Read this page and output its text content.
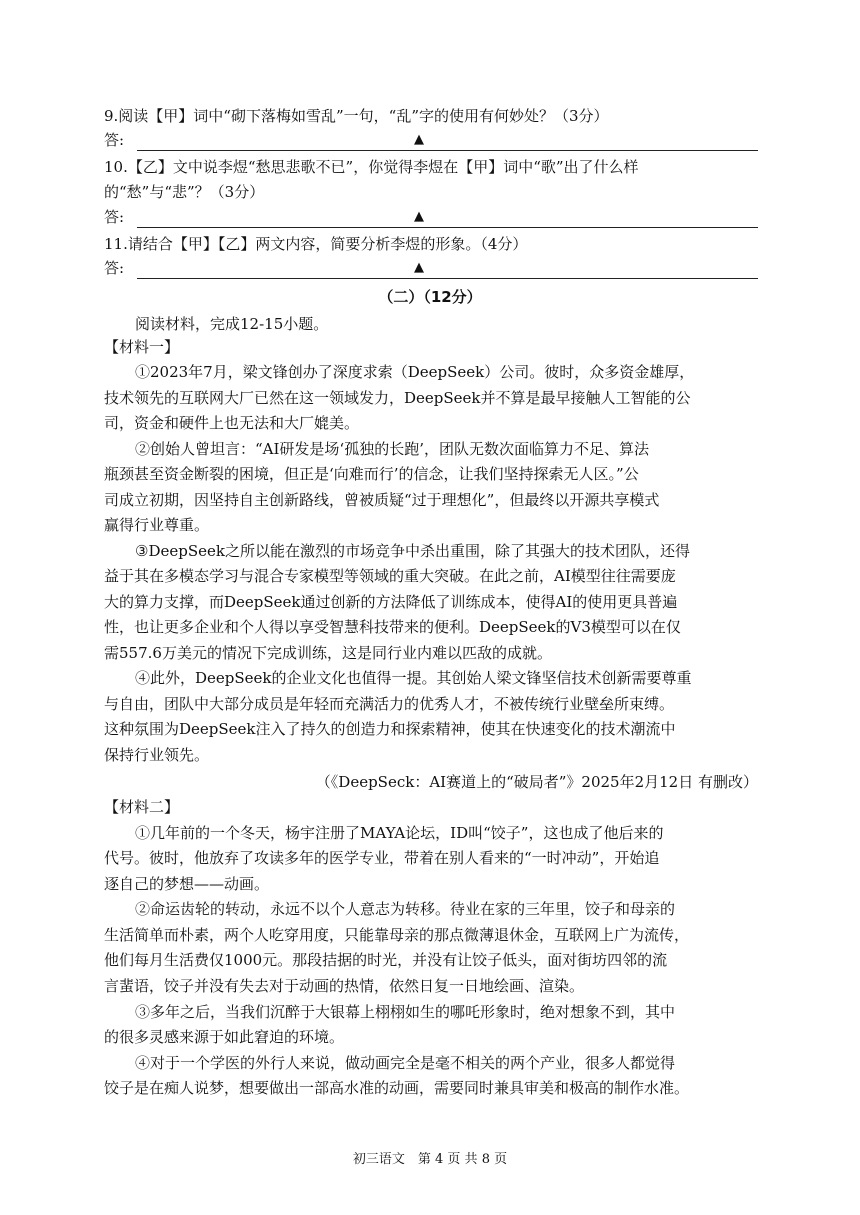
9.阅读【甲】词中“砌下落梅如雪乱”一句，“乱”字的使用有何妙处？（3分）
答:	▲
10.【乙】文中说李煜“愁思悲歌不已”，你觉得李煜在【甲】词中“歌”出了什么样
的“愁”与“悲”？（3分）
答:	▲
11.请结合【甲】【乙】两文内容，简要分析李煜的形象。（4分）
答:	▲
（二）（12分）
阅读材料，完成12-15小题。
【材料一】
①2023年7月，梁文锋创办了深度求索（DeepSeek）公司。彼时，众多资金雄厚，
技术领先的互联网大厂已然在这一领域发力，DeepSeek并不算是最早接触人工智能的公
司，资金和硬件上也无法和大厂媲美。
②创始人曾坦言：“AI研发是场‘孤独的长跑’，团队无数次面临算力不足、算法
瓶颈甚至资金断裂的困境，但正是‘向难而行’的信念，让我们坚持探索无人区。”公
司成立初期，因坚持自主创新路线，曾被质疑“过于理想化”，但最终以开源共享模式
赢得行业尊重。
③DeepSeek之所以能在激烈的市场竞争中杀出重围，除了其强大的技术团队，还得
益于其在多模态学习与混合专家模型等领域的重大突破。在此之前，AI模型往往需要庞
大的算力支撑，而DeepSeek通过创新的方法降低了训练成本，使得AI的使用更具普遍
性，也让更多企业和个人得以享受智慧科技带来的便利。DeepSeek的V3模型可以在仅
需557.6万美元的情况下完成训练，这是同行业内难以匹敌的成就。
④此外，DeepSeek的企业文化也值得一提。其创始人梁文锋坚信技术创新需要尊重
与自由，团队中大部分成员是年轻而充满活力的优秀人才，不被传统行业壁垒所束缚。
这种氛围为DeepSeek注入了持久的创造力和探索精神，使其在快速变化的技术潮流中
保持行业领先。
（《DeepSeck：AI赛道上的“破局者”》2025年2月12日 有删改）
【材料二】
①几年前的一个冬天，杨宇注册了MAYA论坛，ID叫“饺子”，这也成了他后来的
代号。彼时，他放弃了攻读多年的医学专业，带着在别人看来的“一时冲动”，开始追
逐自己的梦想——动画。
②命运齿轮的转动，永远不以个人意志为转移。待业在家的三年里，饺子和母亲的
生活简单而朴素，两个人吃穿用度，只能靠母亲的那点微薄退休金，互联网上广为流传，
他们每月生活费仅1000元。那段拮据的时光，并没有让饺子低头，面对街坊四邻的流
言蜚语，饺子并没有失去对于动画的热情，依然日复一日地绘画、渲染。
③多年之后，当我们沉醉于大银幕上栩栩如生的哪吒形象时，绝对想象不到，其中
的很多灵感来源于如此窘迫的环境。
④对于一个学医的外行人来说，做动画完全是毫不相关的两个产业，很多人都觉得
饺子是在痴人说梦，想要做出一部高水准的动画，需要同时兼具审美和极高的制作水准。
初三语文　第 4 页 共 8 页
